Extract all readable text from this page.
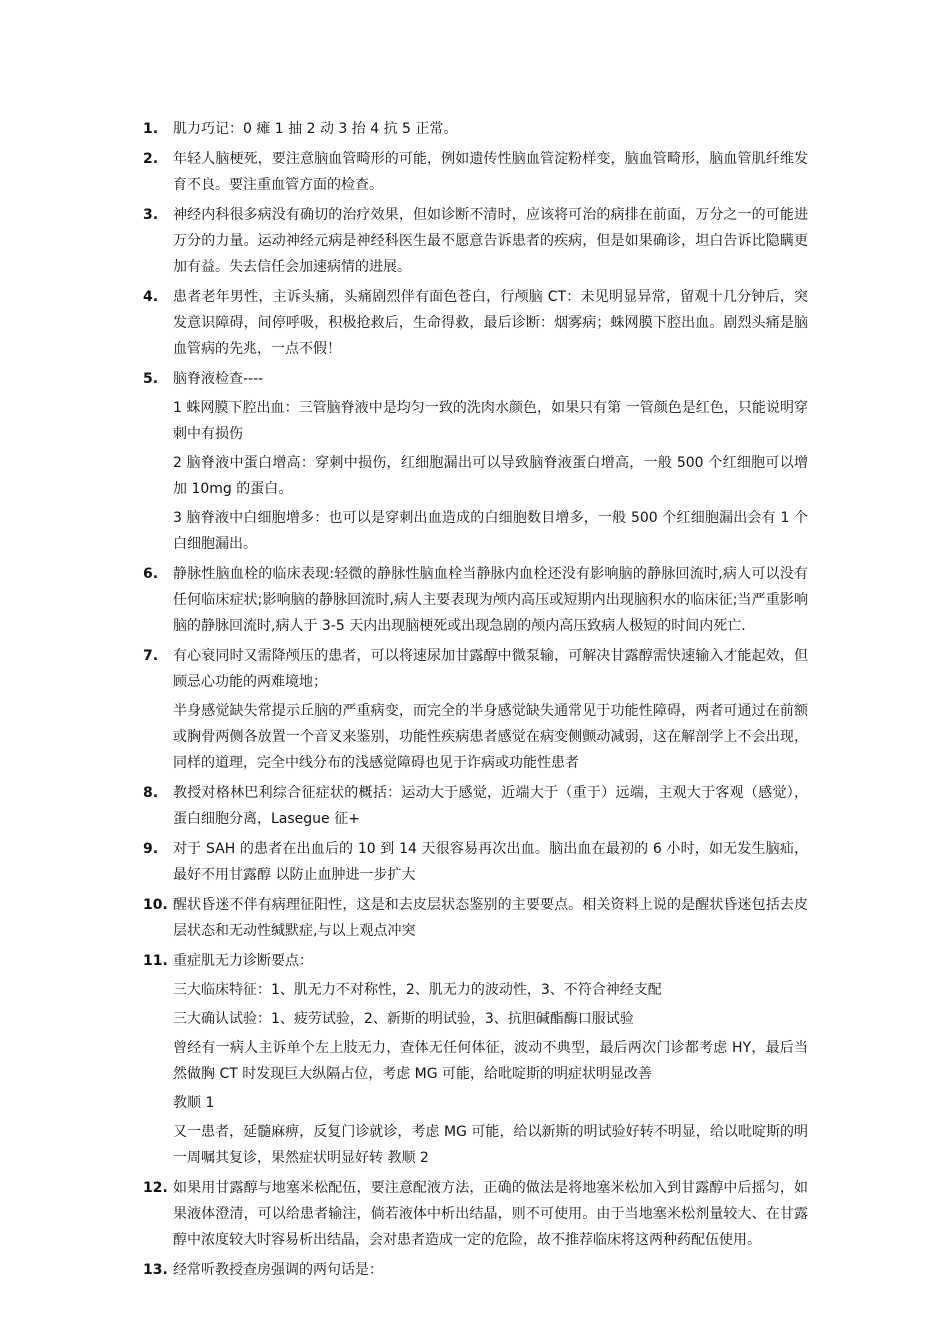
1.	肌力巧记：0 瘫 1 抽 2 动 3 抬 4 抗 5 正常。

2.	年轻人脑梗死，要注意脑血管畸形的可能，例如遗传性脑血管淀粉样变，脑血管畸形，脑血管肌纤维发育不良。要注重血管方面的检查。

3.	神经内科很多病没有确切的治疗效果，但如诊断不清时，应该将可治的病排在前面，万分之一的可能进万分的力量。运动神经元病是神经科医生最不愿意告诉患者的疾病，但是如果确诊，坦白告诉比隐瞒更加有益。失去信任会加速病情的进展。

4.	患者老年男性，主诉头痛，头痛剧烈伴有面色苍白，行颅脑 CT：未见明显异常，留观十几分钟后，突发意识障碍，间停呼吸，积极抢救后，生命得救，最后诊断：烟雾病；蛛网膜下腔出血。剧烈头痛是脑血管病的先兆，一点不假！

5.	脑脊液检查----

1 蛛网膜下腔出血：三管脑脊液中是均匀一致的洗肉水颜色，如果只有第 一管颜色是红色，只能说明穿刺中有损伤

2 脑脊液中蛋白增高：穿刺中损伤，红细胞漏出可以导致脑脊液蛋白增高，一般 500 个红细胞可以增加 10mg 的蛋白。

3 脑脊液中白细胞增多：也可以是穿刺出血造成的白细胞数目增多，一般 500 个红细胞漏出会有 1 个白细胞漏出。

6.	静脉性脑血栓的临床表现:轻微的静脉性脑血栓当静脉内血栓还没有影响脑的静脉回流时,病人可以没有任何临床症状;影响脑的静脉回流时,病人主要表现为颅内高压或短期内出现脑积水的临床征;当严重影响脑的静脉回流时,病人于 3-5 天内出现脑梗死或出现急剧的颅内高压致病人极短的时间内死亡.

7.	有心衰同时又需降颅压的患者，可以将速尿加甘露醇中微泵输，可解决甘露醇需快速输入才能起效，但顾忌心功能的两难境地；

半身感觉缺失常提示丘脑的严重病变，而完全的半身感觉缺失通常见于功能性障碍，两者可通过在前额或胸骨两侧各放置一个音叉来鉴别，功能性疾病患者感觉在病变侧颤动减弱，这在解剖学上不会出现，同样的道理，完全中线分布的浅感觉障碍也见于诈病或功能性患者

8.	教授对格林巴利综合征症状的概括：运动大于感觉，近端大于（重于）远端，主观大于客观（感觉），蛋白细胞分离，Lasegue 征+

9.	对于 SAH 的患者在出血后的 10 到 14 天很容易再次出血。脑出血在最初的 6 小时，如无发生脑疝，最好不用甘露醇 以防止血肿进一步扩大

10. 醒状昏迷不伴有病理征阳性，这是和去皮层状态鉴别的主要要点。相关资料上说的是醒状昏迷包括去皮层状态和无动性缄默症,与以上观点冲突

11. 重症肌无力诊断要点：

三大临床特征：1、肌无力不对称性，2、肌无力的波动性，3、不符合神经支配

三大确认试验：1、疲劳试验，2、新斯的明试验，3、抗胆碱酯酶口服试验

曾经有一病人主诉单个左上肢无力，查体无任何体征，波动不典型，最后两次门诊都考虑 HY，最后当然做胸 CT 时发现巨大纵隔占位，考虑 MG 可能，给吡啶斯的明症状明显改善

教顺 1

又一患者，延髓麻痹，反复门诊就诊，考虑 MG 可能，给以新斯的明试验好转不明显，给以吡啶斯的明一周嘱其复诊，果然症状明显好转 教顺 2

12. 如果用甘露醇与地塞米松配伍，要注意配液方法，正确的做法是将地塞米松加入到甘露醇中后摇匀，如果液体澄清，可以给患者输注，倘若液体中析出结晶，则不可使用。由于当地塞米松剂量较大、在甘露醇中浓度较大时容易析出结晶，会对患者造成一定的危险，故不推荐临床将这两种药配伍使用。

13. 经常听教授查房强调的两句话是：
